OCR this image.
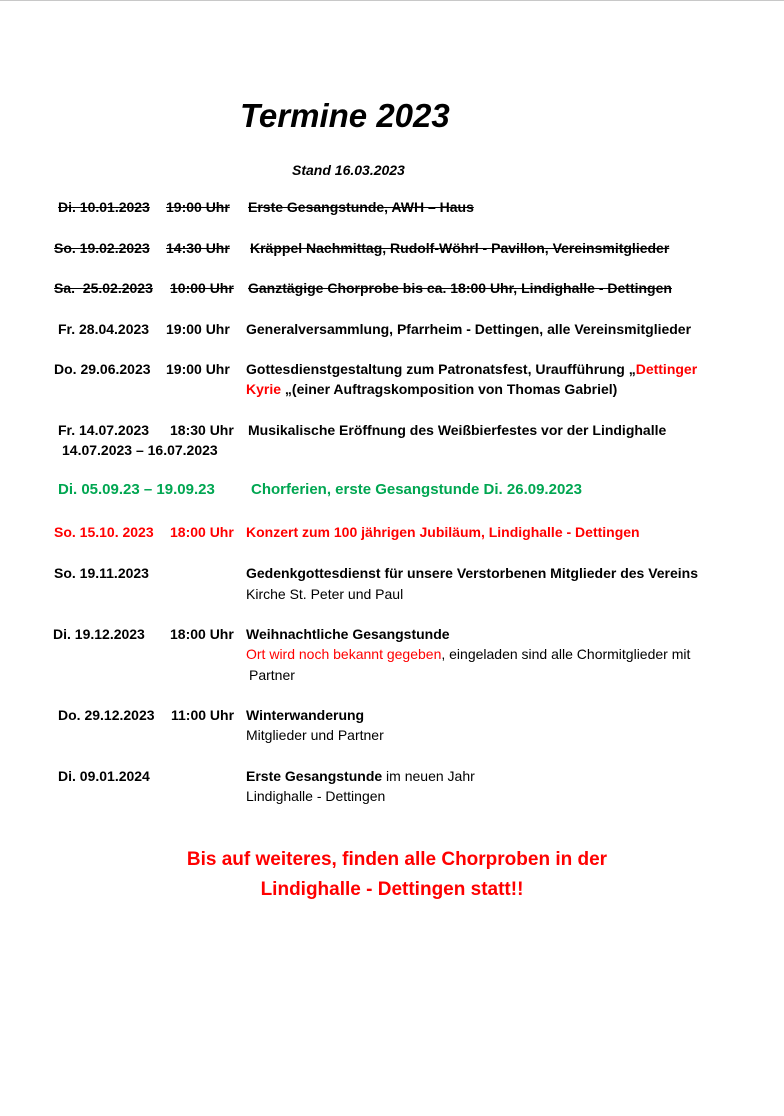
Termine 2023
Stand 16.03.2023
Di. 10.01.2023 19:00 Uhr Erste Gesangstunde, AWH – Haus
So. 19.02.2023 14:30 Uhr Kräppel Nachmittag, Rudolf-Wöhrl - Pavillon, Vereinsmitglieder
Sa.  25.02.2023 10:00 Uhr Ganztägige Chorprobe bis ca. 18:00 Uhr, Lindighalle - Dettingen
Fr. 28.04.2023 19:00 Uhr Generalversammlung, Pfarrheim - Dettingen, alle Vereinsmitglieder
Do. 29.06.2023 19:00 Uhr Gottesdienstgestaltung zum Patronatsfest, Uraufführung „Dettinger
Kyrie „(einer Auftragskomposition von Thomas Gabriel)
Fr. 14.07.2023 18:30 Uhr Musikalische Eröffnung des Weißbierfestes vor der Lindighalle
14.07.2023 – 16.07.2023
Di. 05.09.23 – 19.09.23 Chorferien, erste Gesangstunde Di. 26.09.2023
So. 15.10. 2023 18:00 Uhr Konzert zum 100 jährigen Jubiläum, Lindighalle - Dettingen
So. 19.11.2023	Gedenkgottesdienst für unsere Verstorbenen Mitglieder des Vereins
Kirche St. Peter und Paul
Di. 19.12.2023 18:00 Uhr Weihnachtliche Gesangstunde
Ort wird noch bekannt gegeben, eingeladen sind alle Chormitglieder mit
Partner
Do. 29.12.2023 11:00 Uhr Winterwanderung
Mitglieder und Partner
Di. 09.01.2024	Erste Gesangstunde im neuen Jahr
Lindighalle - Dettingen
Bis auf weiteres, finden alle Chorproben in der
Lindighalle - Dettingen statt!!
